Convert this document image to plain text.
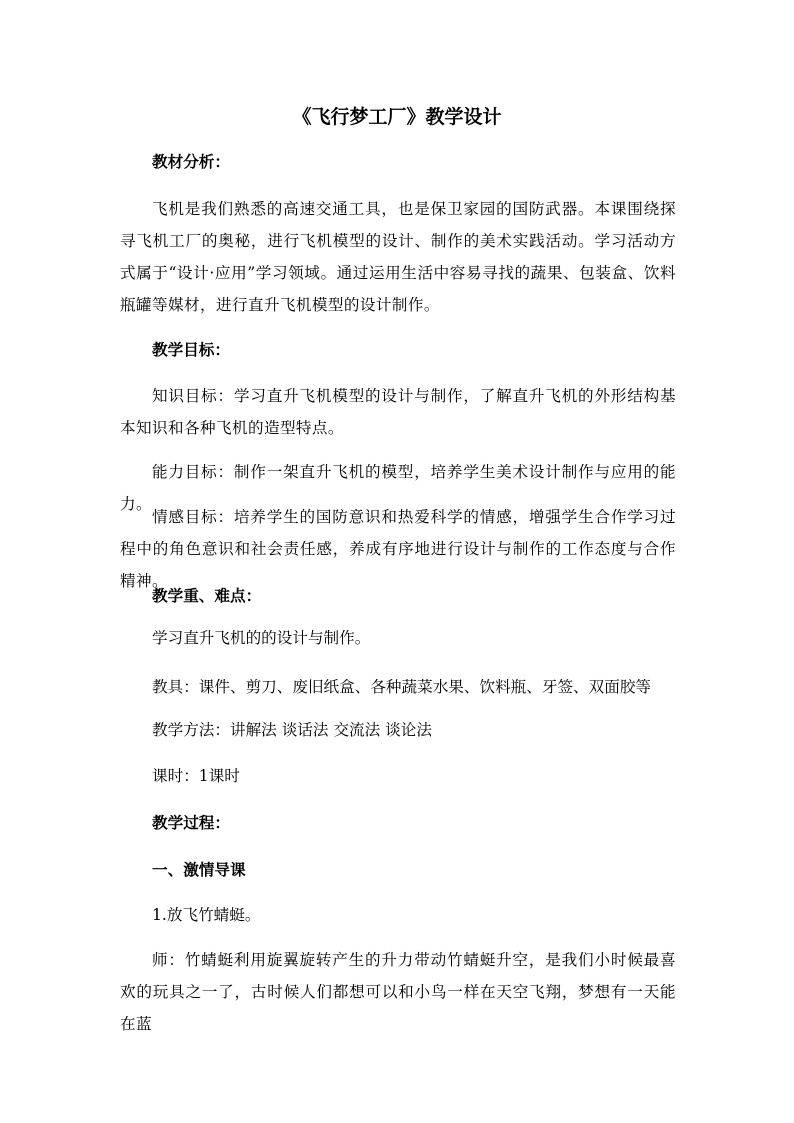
《飞行梦工厂》教学设计
教材分析：
飞机是我们熟悉的高速交通工具，也是保卫家园的国防武器。本课围绕探寻飞机工厂的奥秘，进行飞机模型的设计、制作的美术实践活动。学习活动方式属于“设计·应用”学习领域。通过运用生活中容易寻找的蔬果、包装盒、饮料瓶罐等媒材，进行直升飞机模型的设计制作。
教学目标：
知识目标：学习直升飞机模型的设计与制作，了解直升飞机的外形结构基本知识和各种飞机的造型特点。
能力目标：制作一架直升飞机的模型，培养学生美术设计制作与应用的能力。
情感目标：培养学生的国防意识和热爱科学的情感，增强学生合作学习过程中的角色意识和社会责任感，养成有序地进行设计与制作的工作态度与合作精神。
教学重、难点：
学习直升飞机的的设计与制作。
教具：课件、剪刀、废旧纸盒、各种蔬菜水果、饮料瓶、牙签、双面胶等
教学方法：讲解法 谈话法 交流法 谈论法
课时：1课时
教学过程：
一、激情导课
1.放飞竹蜻蜓。
师：竹蜻蜓利用旋翼旋转产生的升力带动竹蜻蜓升空，是我们小时候最喜欢的玩具之一了，古时候人们都想可以和小鸟一样在天空飞翔，梦想有一天能在蓝
